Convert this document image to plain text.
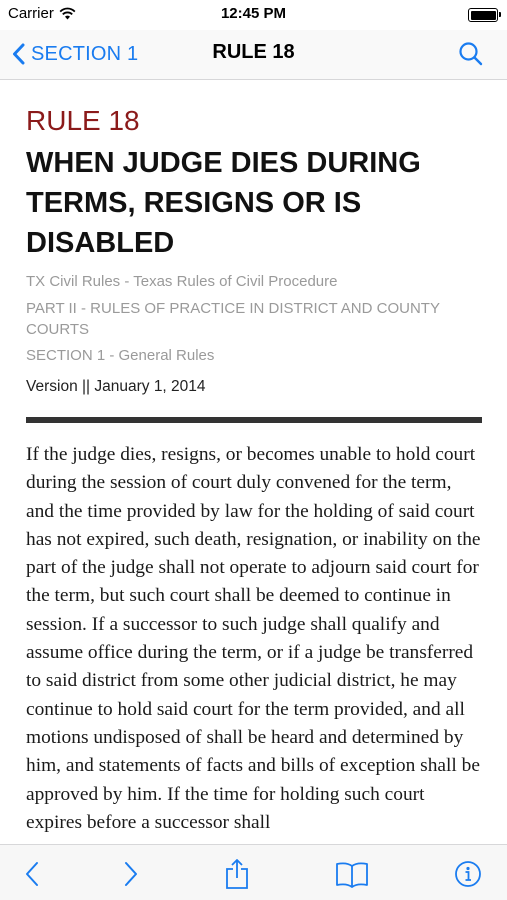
Carrier	12:45 PM
SECTION 1	RULE 18
RULE 18
WHEN JUDGE DIES DURING TERMS, RESIGNS OR IS DISABLED
TX Civil Rules - Texas Rules of Civil Procedure
PART II - RULES OF PRACTICE IN DISTRICT AND COUNTY COURTS
SECTION 1 - General Rules
Version || January 1, 2014
If the judge dies, resigns, or becomes unable to hold court during the session of court duly convened for the term, and the time provided by law for the holding of said court has not expired, such death, resignation, or inability on the part of the judge shall not operate to adjourn said court for the term, but such court shall be deemed to continue in session. If a successor to such judge shall qualify and assume office during the term, or if a judge be transferred to said district from some other judicial district, he may continue to hold said court for the term provided, and all motions undisposed of shall be heard and determined by him, and statements of facts and bills of exception shall be approved by him. If the time for holding such court expires before a successor shall
